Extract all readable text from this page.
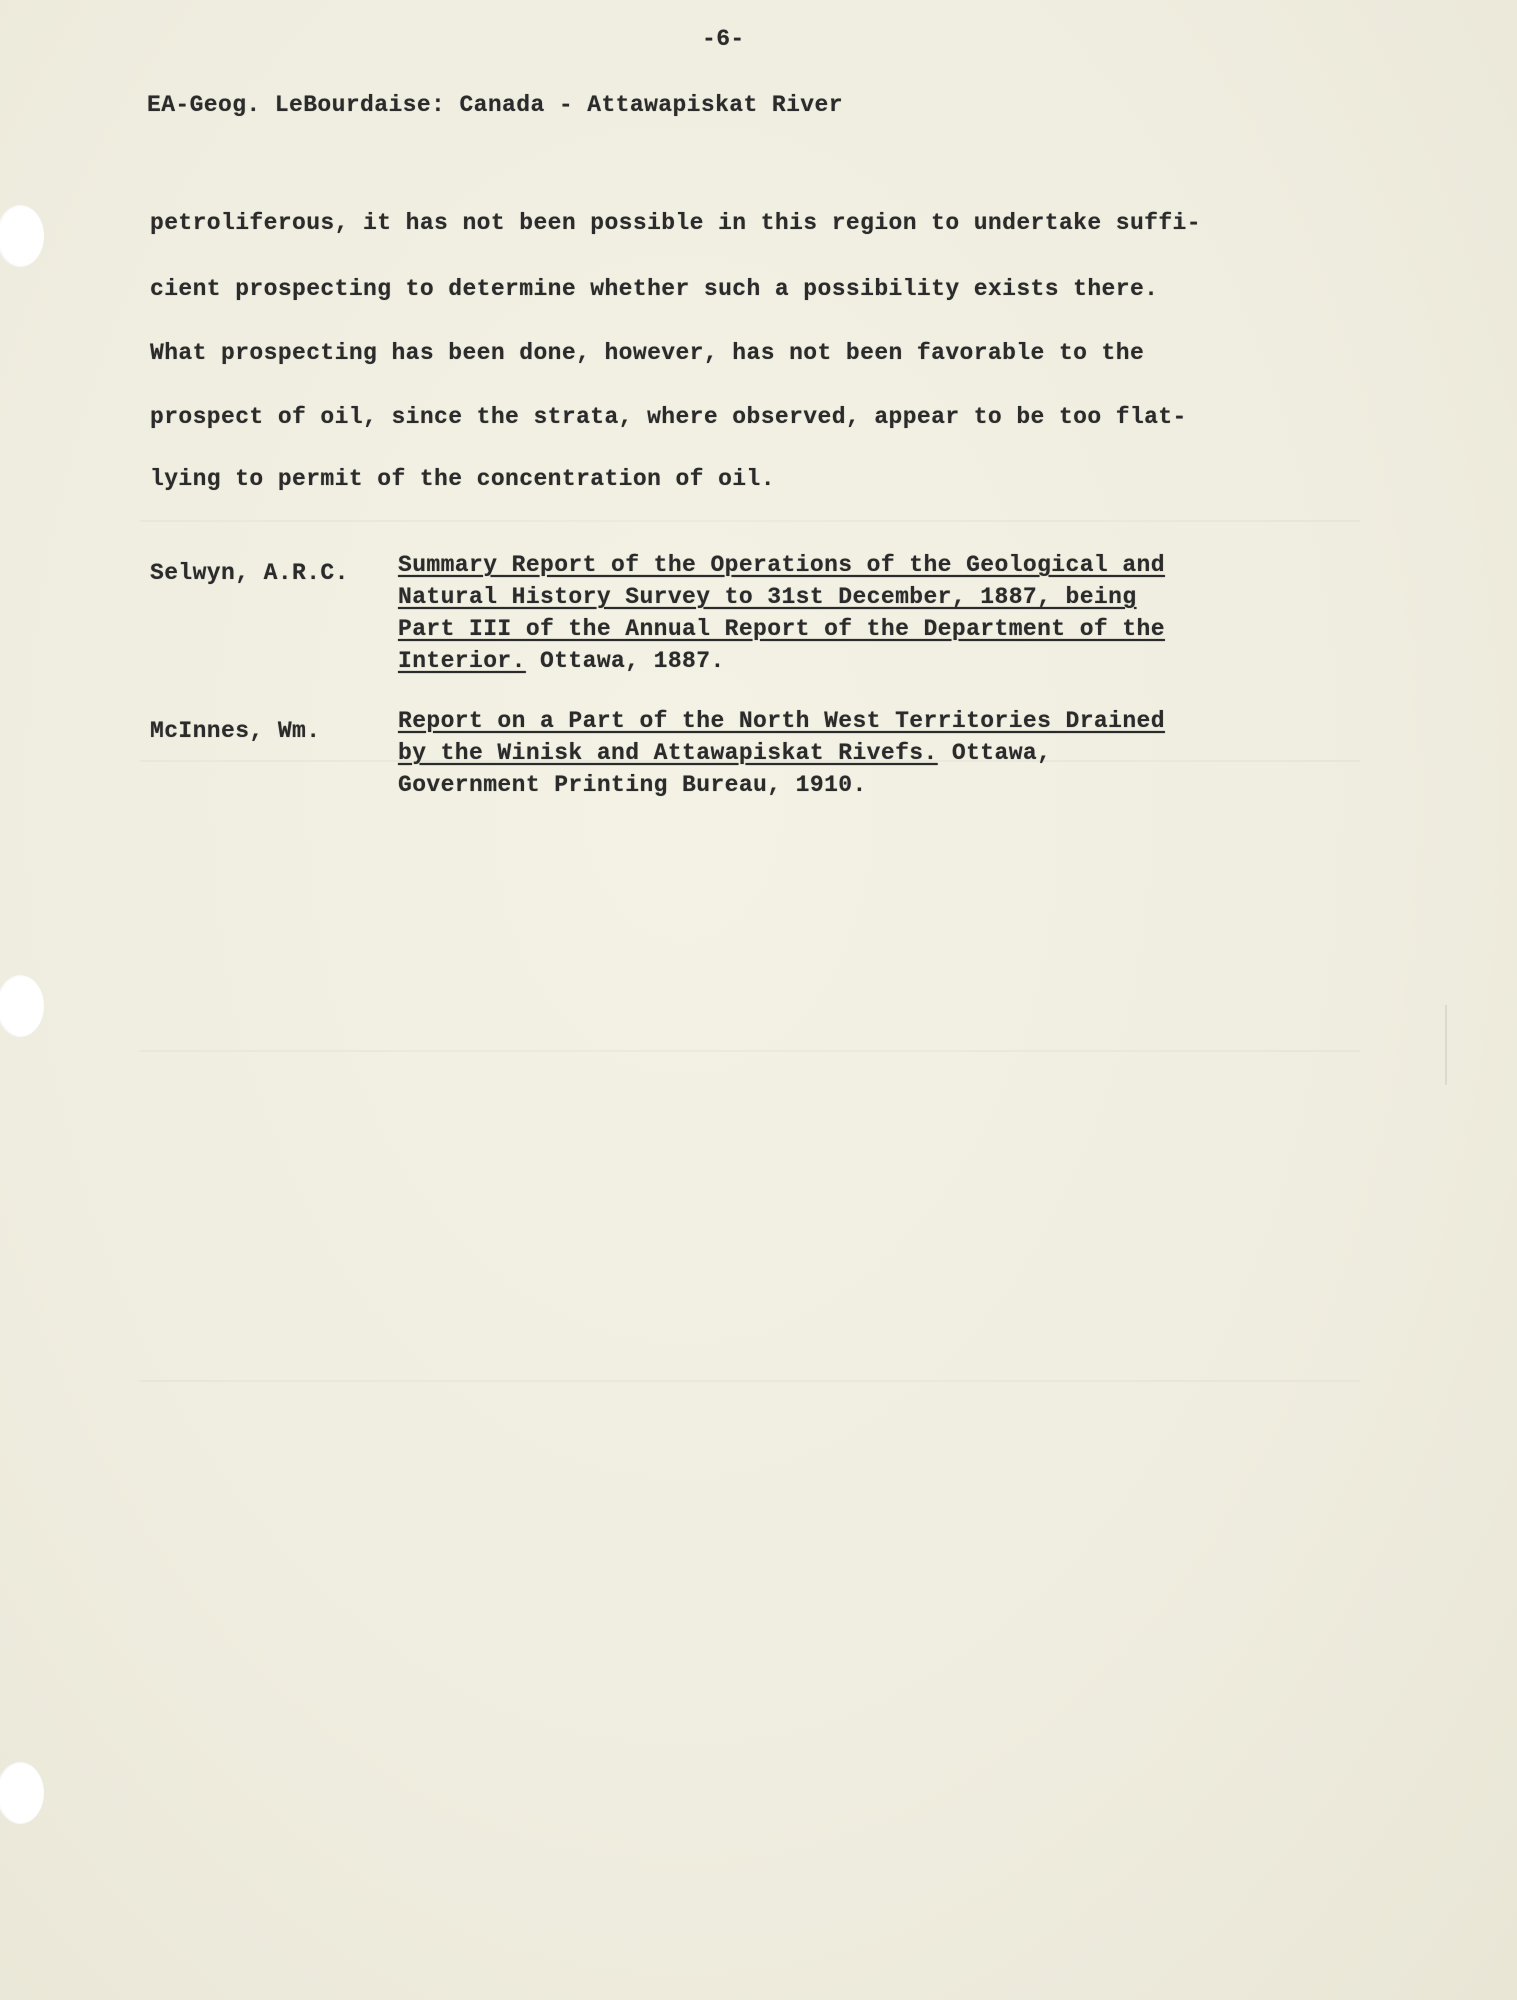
-6-
EA-Geog. LeBourdaise: Canada - Attawapiskat River
petroliferous, it has not been possible in this region to undertake suffi-
cient prospecting to determine whether such a possibility exists there.
What prospecting has been done, however, has not been favorable to the
prospect of oil, since the strata, where observed, appear to be too flat-
lying to permit of the concentration of oil.
Selwyn, A.R.C. Summary Report of the Operations of the Geological and
Natural History Survey to 31st December, 1887, being
Part III of the Annual Report of the Department of the
Interior. Ottawa, 1887.
McInnes, Wm.	Report on a Part of the North West Territories Drained
by the Winisk and Attawapiskat Rivefs. Ottawa,
Government Printing Bureau, 1910.
